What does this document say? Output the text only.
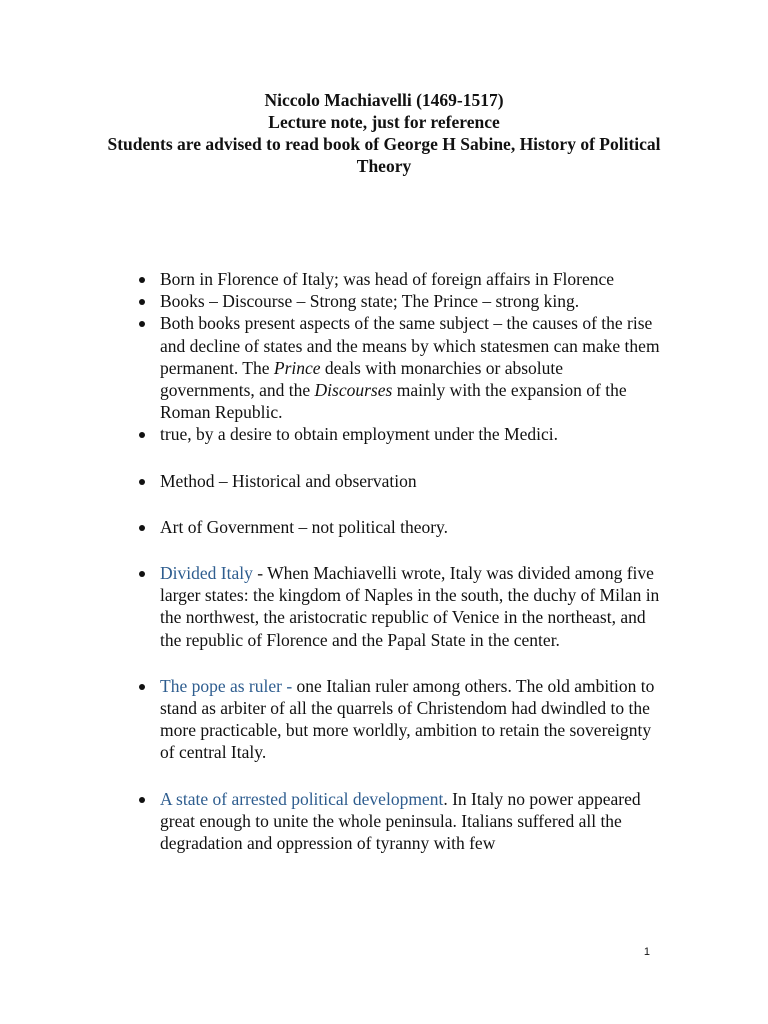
Niccolo Machiavelli (1469-1517)
Lecture note, just for reference
Students are advised to read book of George H Sabine, History of Political Theory
Born in Florence of Italy; was head of foreign affairs in Florence
Books – Discourse – Strong state; The Prince – strong king.
Both books present aspects of the same subject – the causes of the rise and decline of states and the means by which statesmen can make them permanent. The Prince deals with monarchies or absolute governments, and the Discourses mainly with the expansion of the Roman Republic.
true, by a desire to obtain employment under the Medici.
Method – Historical and observation
Art of Government – not political theory.
Divided Italy - When Machiavelli wrote, Italy was divided among five larger states: the kingdom of Naples in the south, the duchy of Milan in the northwest, the aristocratic republic of Venice in the northeast, and the republic of Florence and the Papal State in the center.
The pope as ruler - one Italian ruler among others. The old ambition to stand as arbiter of all the quarrels of Christendom had dwindled to the more practicable, but more worldly, ambition to retain the sovereignty of central Italy.
A state of arrested political development. In Italy no power appeared great enough to unite the whole peninsula. Italians suffered all the degradation and oppression of tyranny with few
1
